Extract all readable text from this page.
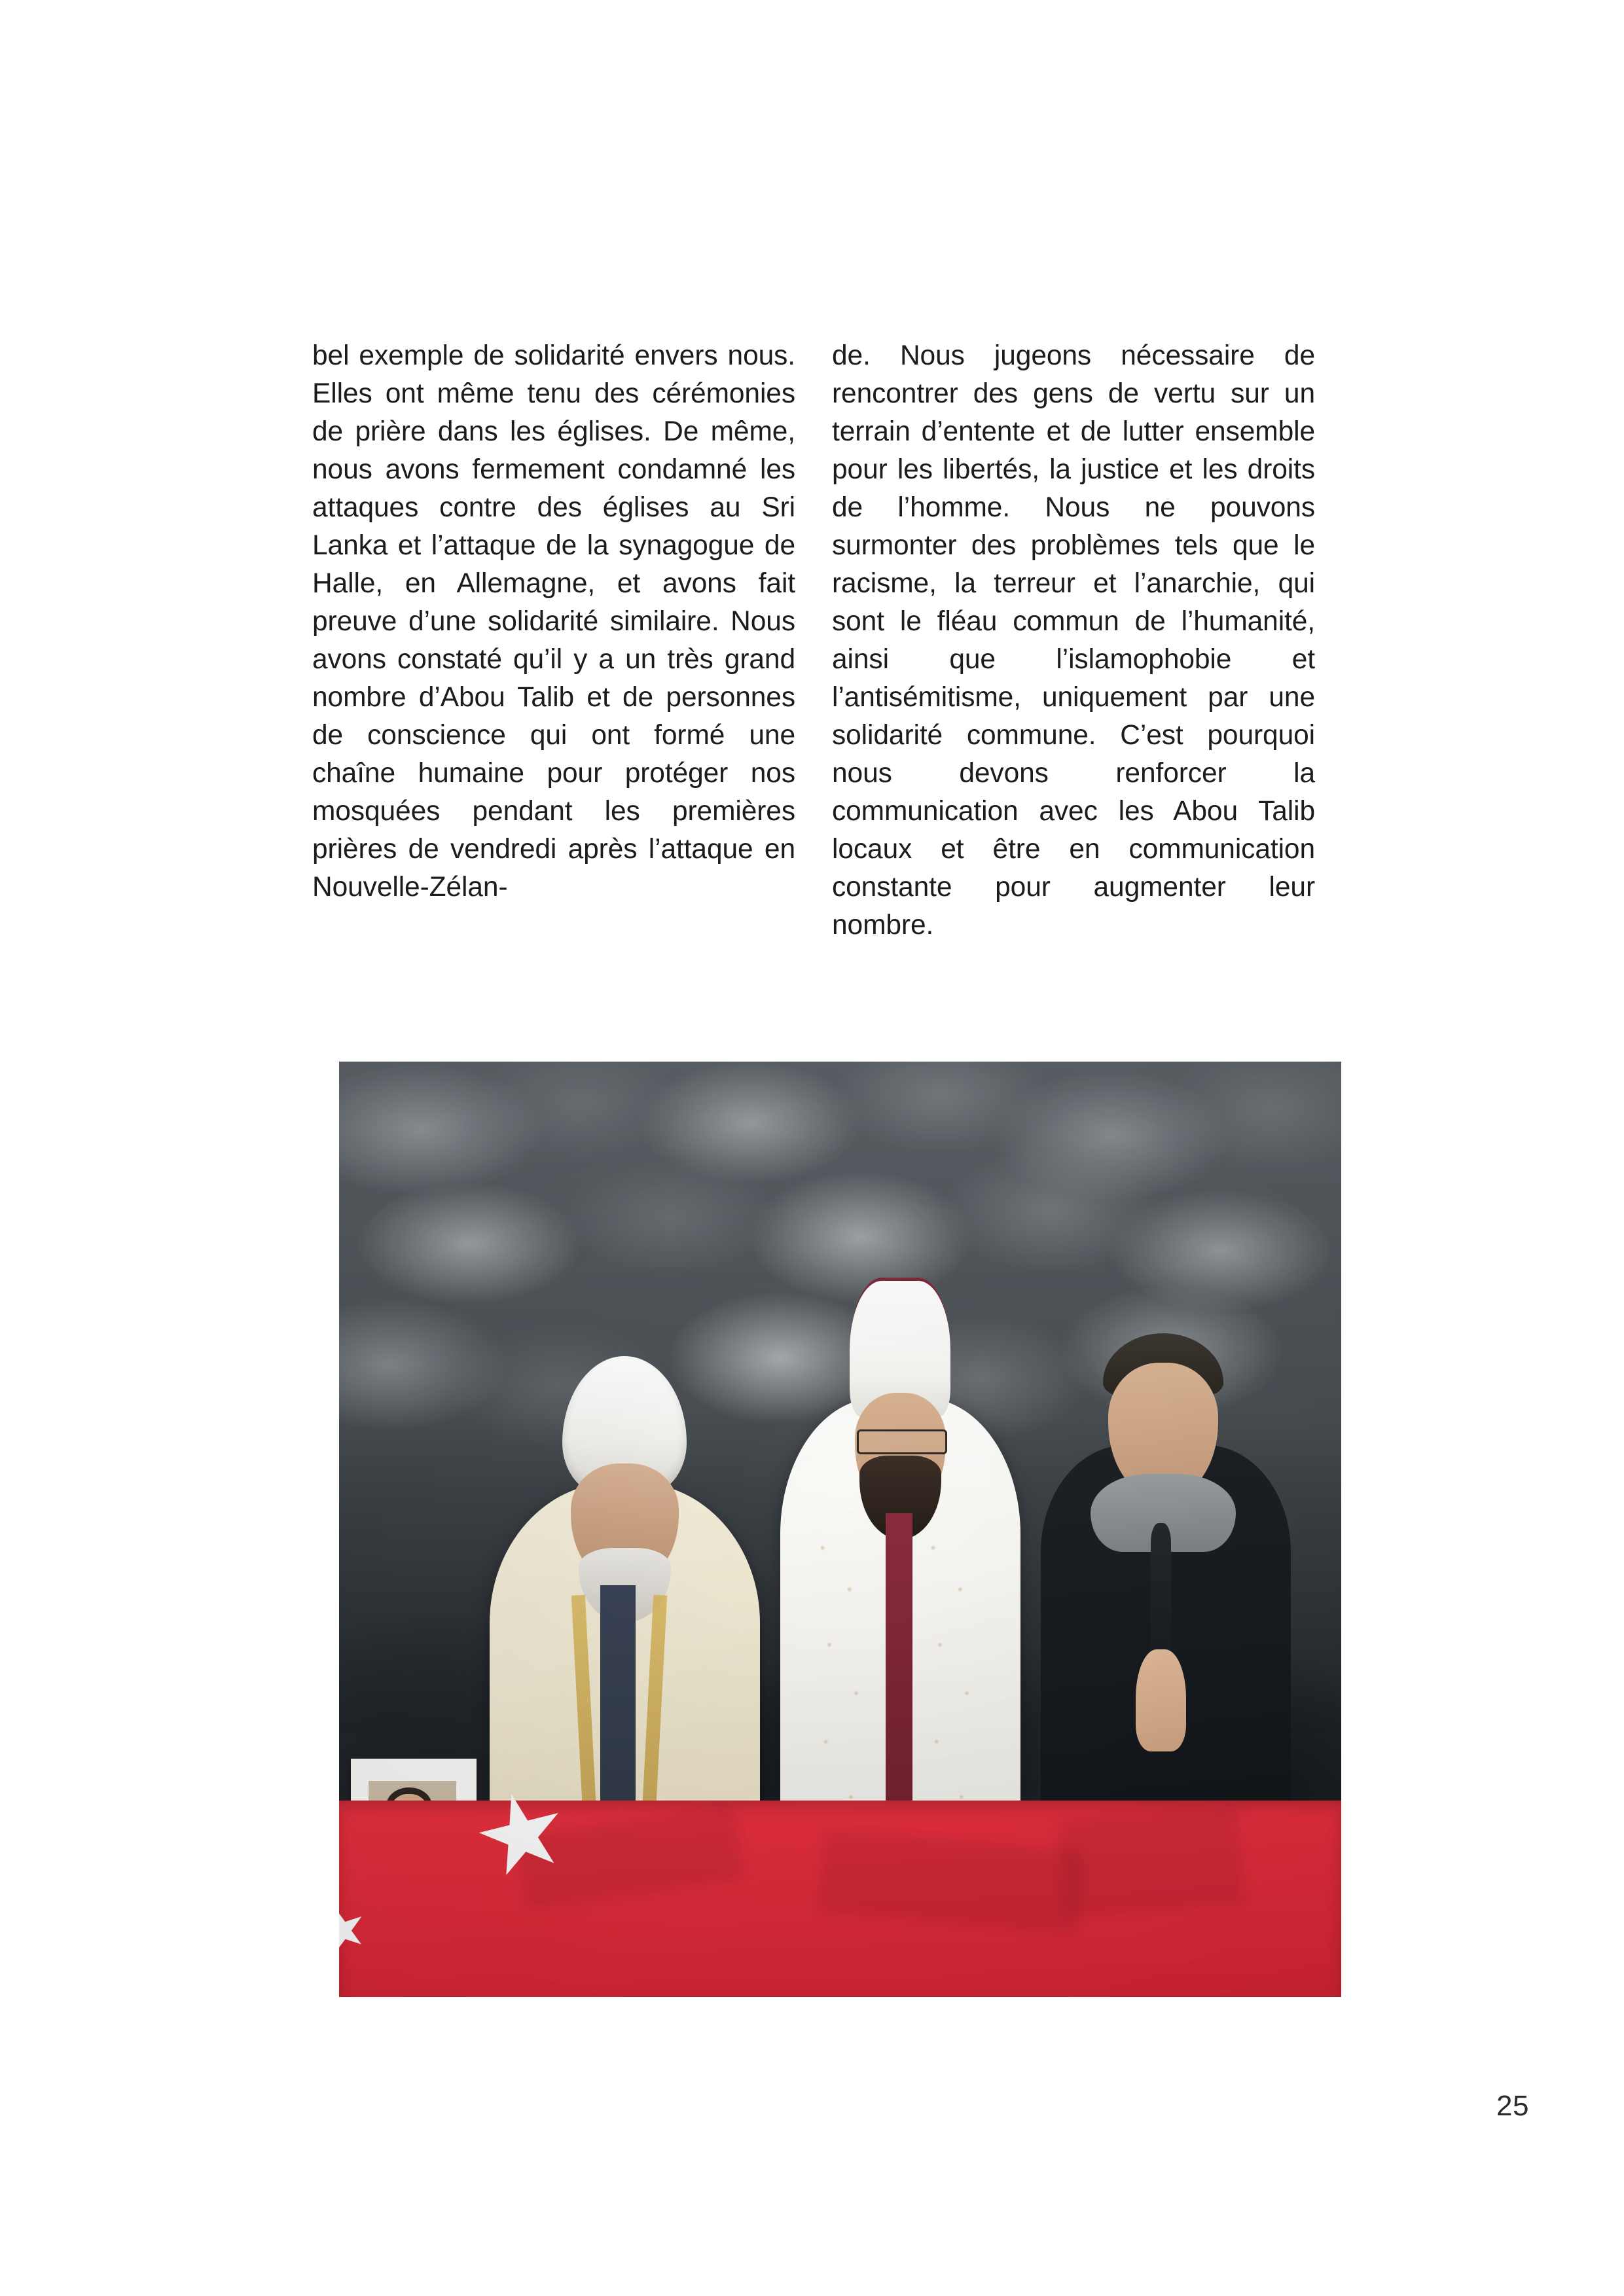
bel exemple de solidarité envers nous. Elles ont même tenu des cérémonies de prière dans les églises. De même, nous avons fermement condamné les attaques contre des églises au Sri Lanka et l’attaque de la synagogue de Halle, en Allemagne, et avons fait preuve d’une solidarité similaire. Nous avons constaté qu’il y a un très grand nombre d’Abou Talib et de personnes de conscience qui ont formé une chaîne humaine pour protéger nos mosquées pendant les premières prières de vendredi après l’attaque en Nouvelle-Zélan-

de. Nous jugeons nécessaire de rencontrer des gens de vertu sur un terrain d’entente et de lutter ensemble pour les libertés, la justice et les droits de l’homme. Nous ne pouvons surmonter des problèmes tels que le racisme, la terreur et l’anarchie, qui sont le fléau commun de l’humanité, ainsi que l’islamophobie et l’antisémitisme, uniquement par une solidarité commune. C’est pourquoi nous devons renforcer la communication avec les Abou Talib locaux et être en communication constante pour augmenter leur nombre.

25
